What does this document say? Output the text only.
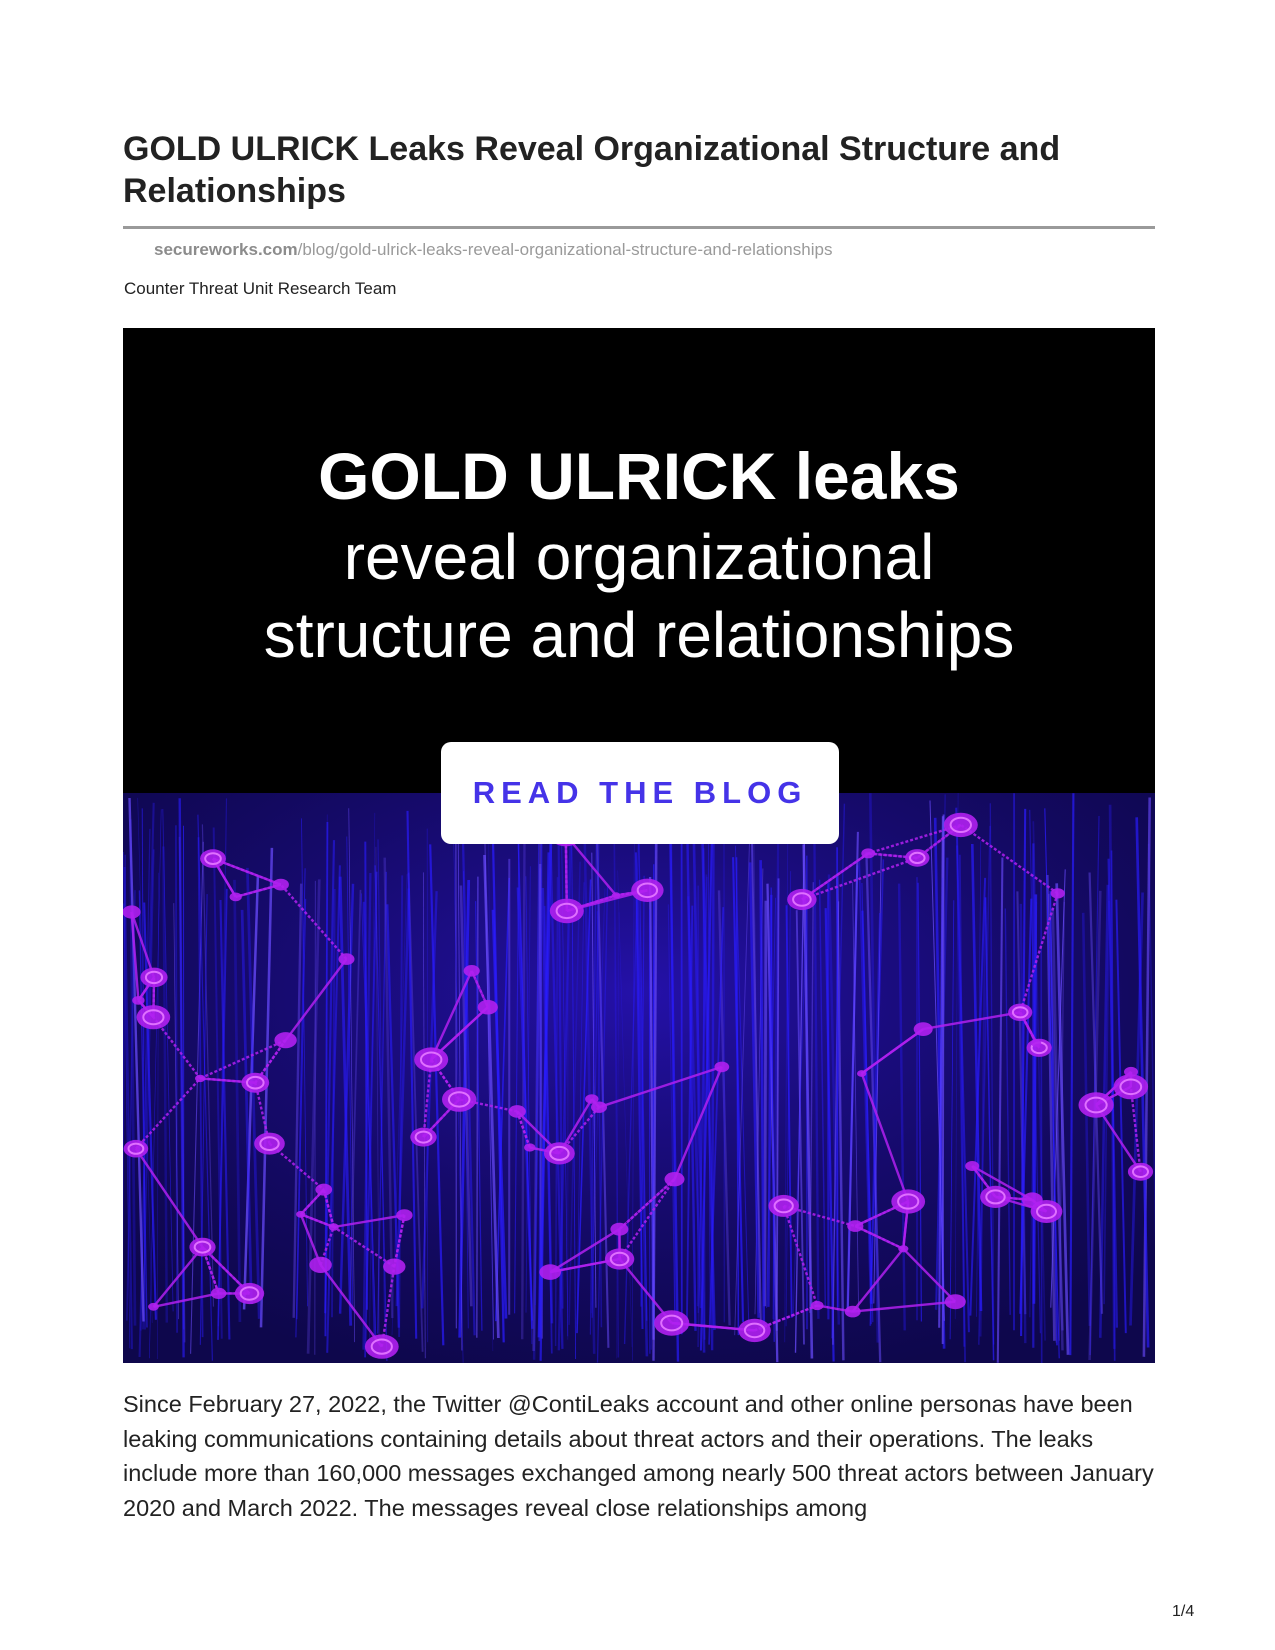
GOLD ULRICK Leaks Reveal Organizational Structure and Relationships
secureworks.com/blog/gold-ulrick-leaks-reveal-organizational-structure-and-relationships
Counter Threat Unit Research Team
GOLD ULRICK leaks
reveal organizational
structure and relationships
READ THE BLOG

Since February 27, 2022, the Twitter @ContiLeaks account and other online personas have been leaking communications containing details about threat actors and their operations. The leaks include more than 160,000 messages exchanged among nearly 500 threat actors between January 2020 and March 2022. The messages reveal close relationships among

1/4
